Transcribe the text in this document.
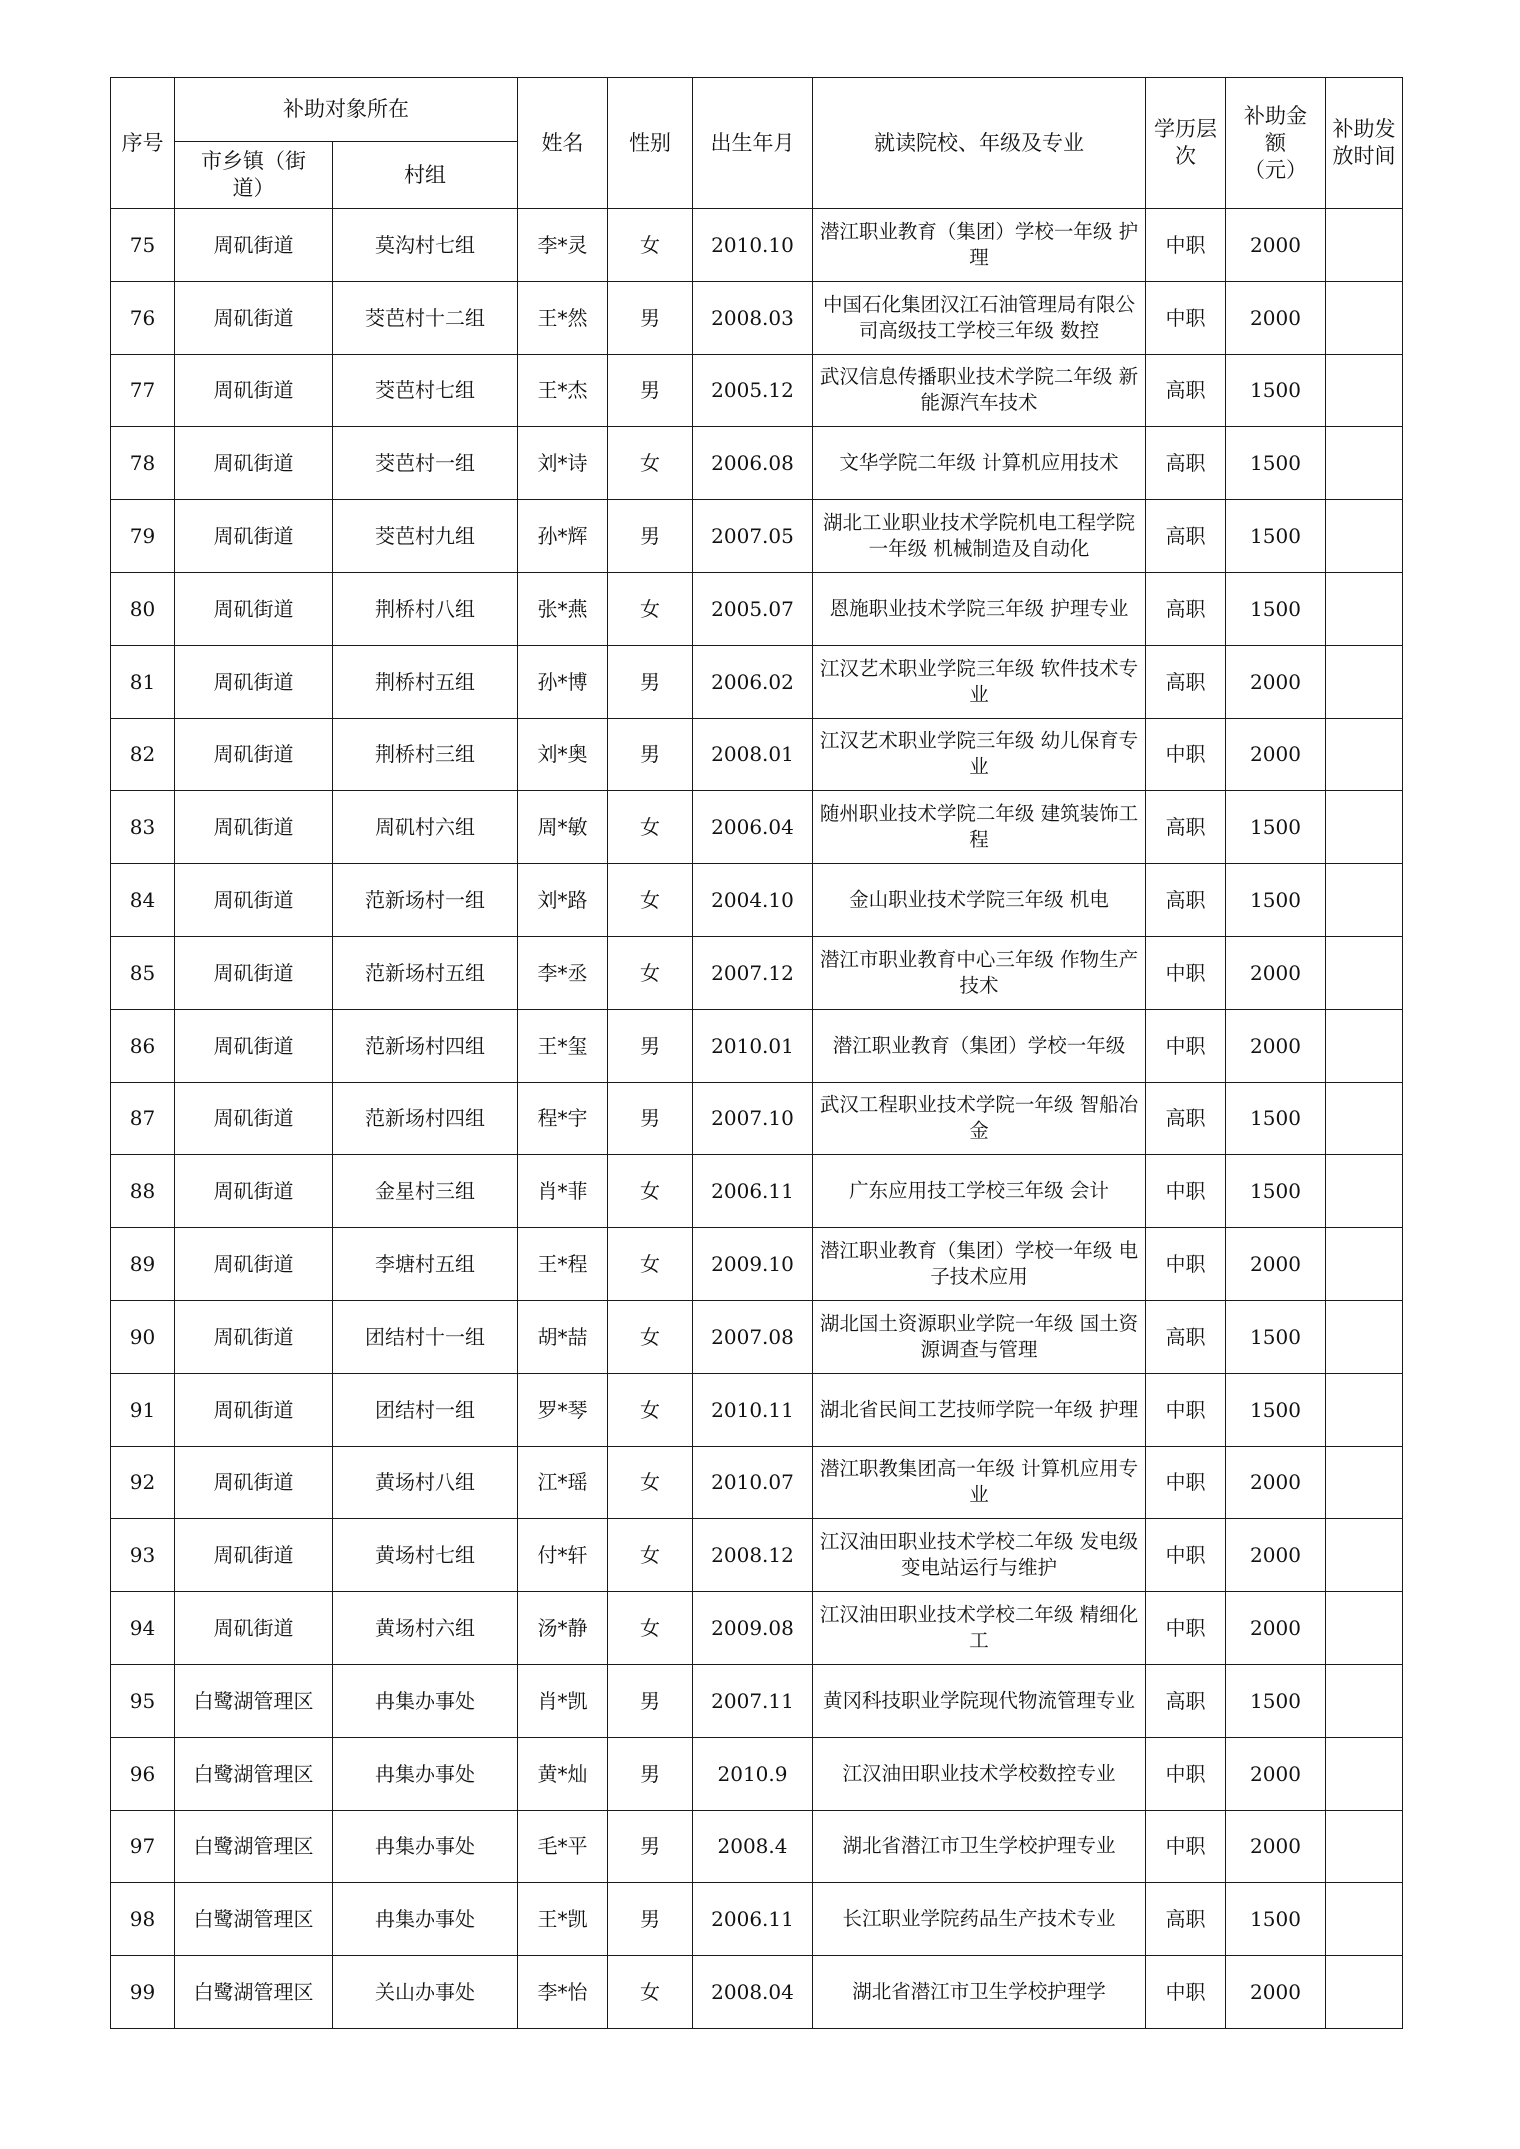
序号	补助对象所在		姓名	性别	出生年月	就读院校、年级及专业	学历层次	补助金额（元）	补助发放时间
	市乡镇（街道）	村组							
75	周矶街道	莫沟村七组	李*灵	女	2010.10	潜江职业教育（集团）学校一年级 护理	中职	2000	
76	周矶街道	茭芭村十二组	王*然	男	2008.03	中国石化集团汉江石油管理局有限公司高级技工学校三年级 数控	中职	2000	
77	周矶街道	茭芭村七组	王*杰	男	2005.12	武汉信息传播职业技术学院二年级 新能源汽车技术	高职	1500	
78	周矶街道	茭芭村一组	刘*诗	女	2006.08	文华学院二年级 计算机应用技术	高职	1500	
79	周矶街道	茭芭村九组	孙*辉	男	2007.05	湖北工业职业技术学院机电工程学院 一年级 机械制造及自动化	高职	1500	
80	周矶街道	荆桥村八组	张*燕	女	2005.07	恩施职业技术学院三年级 护理专业	高职	1500	
81	周矶街道	荆桥村五组	孙*博	男	2006.02	江汉艺术职业学院三年级 软件技术专业	高职	2000	
82	周矶街道	荆桥村三组	刘*奥	男	2008.01	江汉艺术职业学院三年级 幼儿保育专业	中职	2000	
83	周矶街道	周矶村六组	周*敏	女	2006.04	随州职业技术学院二年级 建筑装饰工程	高职	1500	
84	周矶街道	范新场村一组	刘*路	女	2004.10	金山职业技术学院三年级 机电	高职	1500	
85	周矶街道	范新场村五组	李*丞	女	2007.12	潜江市职业教育中心三年级 作物生产技术	中职	2000	
86	周矶街道	范新场村四组	王*玺	男	2010.01	潜江职业教育（集团）学校一年级	中职	2000	
87	周矶街道	范新场村四组	程*宇	男	2007.10	武汉工程职业技术学院一年级 智船冶金	高职	1500	
88	周矶街道	金星村三组	肖*菲	女	2006.11	广东应用技工学校三年级 会计	中职	1500	
89	周矶街道	李塘村五组	王*程	女	2009.10	潜江职业教育（集团）学校一年级 电子技术应用	中职	2000	
90	周矶街道	团结村十一组	胡*喆	女	2007.08	湖北国土资源职业学院一年级 国土资源调查与管理	高职	1500	
91	周矶街道	团结村一组	罗*琴	女	2010.11	湖北省民间工艺技师学院一年级 护理	中职	1500	
92	周矶街道	黄场村八组	江*瑶	女	2010.07	潜江职教集团高一年级 计算机应用专业	中职	2000	
93	周矶街道	黄场村七组	付*轩	女	2008.12	江汉油田职业技术学校二年级 发电级变电站运行与维护	中职	2000	
94	周矶街道	黄场村六组	汤*静	女	2009.08	江汉油田职业技术学校二年级 精细化工	中职	2000	
95	白鹭湖管理区	冉集办事处	肖*凯	男	2007.11	黄冈科技职业学院现代物流管理专业	高职	1500	
96	白鹭湖管理区	冉集办事处	黄*灿	男	2010.9	江汉油田职业技术学校数控专业	中职	2000	
97	白鹭湖管理区	冉集办事处	毛*平	男	2008.4	湖北省潜江市卫生学校护理专业	中职	2000	
98	白鹭湖管理区	冉集办事处	王*凯	男	2006.11	长江职业学院药品生产技术专业	高职	1500	
99	白鹭湖管理区	关山办事处	李*怡	女	2008.04	湖北省潜江市卫生学校护理学	中职	2000	
